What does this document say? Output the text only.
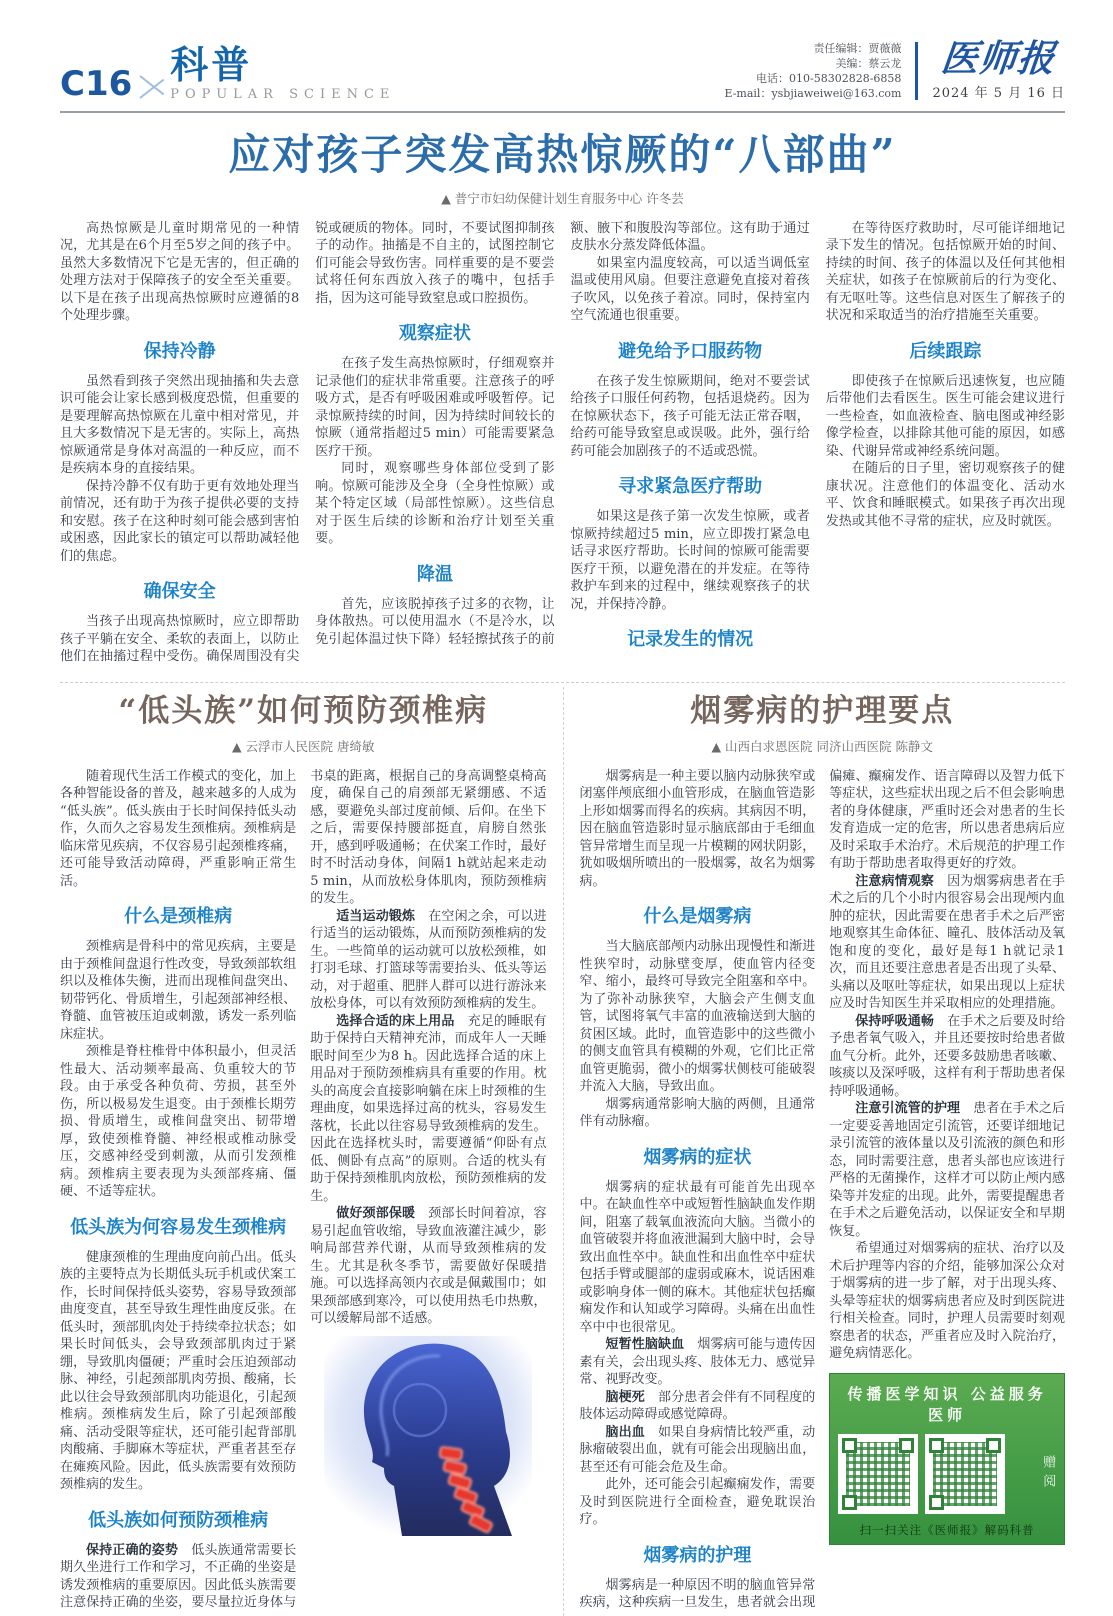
C16 科普
POPULAR SCIENCE
责任编辑：贾薇薇
美编：蔡云龙
电话：010-58302828-6858
E-mail：ysbjiaweiwei@163.com
医师报
2024 年 5 月 16 日
应对孩子突发高热惊厥的“八部曲”
▲ 普宁市妇幼保健计划生育服务中心 许冬芸

高热惊厥是儿童时期常见的一种情况，尤其是在6个月至5岁之间的孩子中。虽然大多数情况下它是无害的，但正确的处理方法对于保障孩子的安全至关重要。以下是在孩子出现高热惊厥时应遵循的8个处理步骤。

保持冷静

虽然看到孩子突然出现抽搐和失去意识可能会让家长感到极度恐慌，但重要的是要理解高热惊厥在儿童中相对常见，并且大多数情况下是无害的。实际上，高热惊厥通常是身体对高温的一种反应，而不是疾病本身的直接结果。

保持冷静不仅有助于更有效地处理当前情况，还有助于为孩子提供必要的支持和安慰。孩子在这种时刻可能会感到害怕或困惑，因此家长的镇定可以帮助减轻他们的焦虑。

确保安全

当孩子出现高热惊厥时，应立即帮助孩子平躺在安全、柔软的表面上，以防止他们在抽搐过程中受伤。确保周围没有尖锐或硬质的物体。同时，不要试图抑制孩子的动作。抽搐是不自主的，试图控制它们可能会导致伤害。同样重要的是不要尝试将任何东西放入孩子的嘴中，包括手指，因为这可能导致窒息或口腔损伤。

观察症状

在孩子发生高热惊厥时，仔细观察并记录他们的症状非常重要。注意孩子的呼吸方式，是否有呼吸困难或呼吸暂停。记录惊厥持续的时间，因为持续时间较长的惊厥（通常指超过5 min）可能需要紧急医疗干预。

同时，观察哪些身体部位受到了影响。惊厥可能涉及全身（全身性惊厥）或某个特定区域（局部性惊厥）。这些信息对于医生后续的诊断和治疗计划至关重要。

降温

首先，应该脱掉孩子过多的衣物，让身体散热。可以使用温水（不是冷水，以免引起体温过快下降）轻轻擦拭孩子的前额、腋下和腹股沟等部位。这有助于通过皮肤水分蒸发降低体温。

如果室内温度较高，可以适当调低室温或使用风扇。但要注意避免直接对着孩子吹风，以免孩子着凉。同时，保持室内空气流通也很重要。

避免给予口服药物

在孩子发生惊厥期间，绝对不要尝试给孩子口服任何药物，包括退烧药。因为在惊厥状态下，孩子可能无法正常吞咽，给药可能导致窒息或误吸。此外，强行给药可能会加剧孩子的不适或恐慌。

寻求紧急医疗帮助

如果这是孩子第一次发生惊厥，或者惊厥持续超过5 min，应立即拨打紧急电话寻求医疗帮助。长时间的惊厥可能需要医疗干预，以避免潜在的并发症。在等待救护车到来的过程中，继续观察孩子的状况，并保持冷静。

记录发生的情况

在等待医疗救助时，尽可能详细地记录下发生的情况。包括惊厥开始的时间、持续的时间、孩子的体温以及任何其他相关症状，如孩子在惊厥前后的行为变化、有无呕吐等。这些信息对医生了解孩子的状况和采取适当的治疗措施至关重要。

后续跟踪

即使孩子在惊厥后迅速恢复，也应随后带他们去看医生。医生可能会建议进行一些检查，如血液检查、脑电图或神经影像学检查，以排除其他可能的原因，如感染、代谢异常或神经系统问题。

在随后的日子里，密切观察孩子的健康状况。注意他们的体温变化、活动水平、饮食和睡眠模式。如果孩子再次出现发热或其他不寻常的症状，应及时就医。

“低头族”如何预防颈椎病
▲ 云浮市人民医院 唐绮敏

随着现代生活工作模式的变化，加上各种智能设备的普及，越来越多的人成为“低头族”。低头族由于长时间保持低头动作，久而久之容易发生颈椎病。颈椎病是临床常见疾病，不仅容易引起颈椎疼痛，还可能导致活动障碍，严重影响正常生活。

什么是颈椎病

颈椎病是骨科中的常见疾病，主要是由于颈椎间盘退行性改变，导致颈部软组织以及椎体失衡，进而出现椎间盘突出、韧带钙化、骨质增生，引起颈部神经根、脊髓、血管被压迫或刺激，诱发一系列临床症状。

颈椎是脊柱椎骨中体积最小，但灵活性最大、活动频率最高、负重较大的节段。由于承受各种负荷、劳损，甚至外伤，所以极易发生退变。由于颈椎长期劳损、骨质增生，或椎间盘突出、韧带增厚，致使颈椎脊髓、神经根或椎动脉受压，交感神经受到刺激，从而引发颈椎病。颈椎病主要表现为头颈部疼痛、僵硬、不适等症状。

低头族为何容易发生颈椎病

健康颈椎的生理曲度向前凸出。低头族的主要特点为长期低头玩手机或伏案工作，长时间保持低头姿势，容易导致颈部曲度变直，甚至导致生理性曲度反张。在低头时，颈部肌肉处于持续牵拉状态；如果长时间低头，会导致颈部肌肉过于紧绷，导致肌肉僵硬；严重时会压迫颈部动脉、神经，引起颈部肌肉劳损、酸痛，长此以往会导致颈部肌肉功能退化，引起颈椎病。颈椎病发生后，除了引起颈部酸痛、活动受限等症状，还可能引起背部肌肉酸痛、手脚麻木等症状，严重者甚至存在瘫痪风险。因此，低头族需要有效预防颈椎病的发生。

低头族如何预防颈椎病

保持正确的姿势　低头族通常需要长期久坐进行工作和学习，不正确的坐姿是诱发颈椎病的重要原因。因此低头族需要注意保持正确的坐姿，要尽量拉近身体与书桌的距离，根据自己的身高调整桌椅高度，确保自己的肩颈部无紧绷感、不适感，要避免头部过度前倾、后仰。在坐下之后，需要保持腰部挺直，肩膀自然张开，感到呼吸通畅；在伏案工作时，最好时不时活动身体，间隔1 h就站起来走动5 min，从而放松身体肌肉，预防颈椎病的发生。

适当运动锻炼　在空闲之余，可以进行适当的运动锻炼，从而预防颈椎病的发生。一些简单的运动就可以放松颈椎，如打羽毛球、打篮球等需要抬头、低头等运动，对于超重、肥胖人群可以进行游泳来放松身体，可以有效预防颈椎病的发生。

选择合适的床上用品　充足的睡眠有助于保持白天精神充沛，而成年人一天睡眠时间至少为8 h。因此选择合适的床上用品对于预防颈椎病具有重要的作用。枕头的高度会直接影响躺在床上时颈椎的生理曲度，如果选择过高的枕头，容易发生落枕，长此以往容易导致颈椎病的发生。因此在选择枕头时，需要遵循“仰卧有点低、侧卧有点高”的原则。合适的枕头有助于保持颈椎肌肉放松，预防颈椎病的发生。

做好颈部保暖　颈部长时间着凉，容易引起血管收缩，导致血液灌注减少，影响局部营养代谢，从而导致颈椎病的发生。尤其是秋冬季节，需要做好保暖措施。可以选择高领内衣或是佩戴围巾；如果颈部感到寒冷，可以使用热毛巾热敷，可以缓解局部不适感。

烟雾病的护理要点
▲ 山西白求恩医院 同济山西医院 陈静文

烟雾病是一种主要以脑内动脉狭窄或闭塞伴颅底细小血管形成，在脑血管造影上形如烟雾而得名的疾病。其病因不明，因在脑血管造影时显示脑底部由于毛细血管异常增生而呈现一片模糊的网状阴影，犹如吸烟所喷出的一股烟雾，故名为烟雾病。

什么是烟雾病

当大脑底部颅内动脉出现慢性和渐进性狭窄时，动脉壁变厚，使血管内径变窄、缩小，最终可导致完全阻塞和卒中。为了弥补动脉狭窄，大脑会产生侧支血管，试图将氧气丰富的血液输送到大脑的贫困区域。此时，血管造影中的这些微小的侧支血管具有模糊的外观，它们比正常血管更脆弱，微小的烟雾状侧枝可能破裂并流入大脑，导致出血。

烟雾病通常影响大脑的两侧，且通常伴有动脉瘤。

烟雾病的症状

烟雾病的症状最有可能首先出现卒中。在缺血性卒中或短暂性脑缺血发作期间，阻塞了载氧血液流向大脑。当微小的血管破裂并将血液泄漏到大脑中时，会导致出血性卒中。缺血性和出血性卒中症状包括手臂或腿部的虚弱或麻木，说话困难或影响身体一侧的麻木。其他症状包括癫痫发作和认知或学习障碍。头痛在出血性卒中中也很常见。

短暂性脑缺血　烟雾病可能与遗传因素有关，会出现头疼、肢体无力、感觉异常、视野改变。

脑梗死　部分患者会伴有不同程度的肢体运动障碍或感觉障碍。

脑出血　如果自身病情比较严重，动脉瘤破裂出血，就有可能会出现脑出血，甚至还有可能会危及生命。

此外，还可能会引起癫痫发作，需要及时到医院进行全面检查，避免耽误治疗。

烟雾病的护理

烟雾病是一种原因不明的脑血管异常疾病，这种疾病一旦发生，患者就会出现偏瘫、癫痫发作、语言障碍以及智力低下等症状，这些症状出现之后不但会影响患者的身体健康，严重时还会对患者的生长发育造成一定的危害，所以患者患病后应及时采取手术治疗。术后规范的护理工作有助于帮助患者取得更好的疗效。

注意病情观察　因为烟雾病患者在手术之后的几个小时内很容易会出现颅内血肿的症状，因此需要在患者手术之后严密地观察其生命体征、瞳孔、肢体活动及氧饱和度的变化，最好是每1 h就记录1次，而且还要注意患者是否出现了头晕、头痛以及呕吐等症状，如果出现以上症状应及时告知医生并采取相应的处理措施。

保持呼吸通畅　在手术之后要及时给予患者氧气吸入，并且还要按时给患者做血气分析。此外，还要多鼓励患者咳嗽、咳痰以及深呼吸，这样有利于帮助患者保持呼吸通畅。

注意引流管的护理　患者在手术之后一定要妥善地固定引流管，还要详细地记录引流管的液体量以及引流液的颜色和形态，同时需要注意，患者头部也应该进行严格的无菌操作，这样才可以防止颅内感染等并发症的出现。此外，需要提醒患者在手术之后避免活动，以保证安全和早期恢复。

希望通过对烟雾病的症状、治疗以及术后护理等内容的介绍，能够加深公众对于烟雾病的进一步了解，对于出现头疼、头晕等症状的烟雾病患者应及时到医院进行相关检查。同时，护理人员需要时刻观察患者的状态，严重者应及时入院治疗，避免病情恶化。

传播医学知识 公益服务医师

赠阅

扫一扫关注《医师报》解码科普
